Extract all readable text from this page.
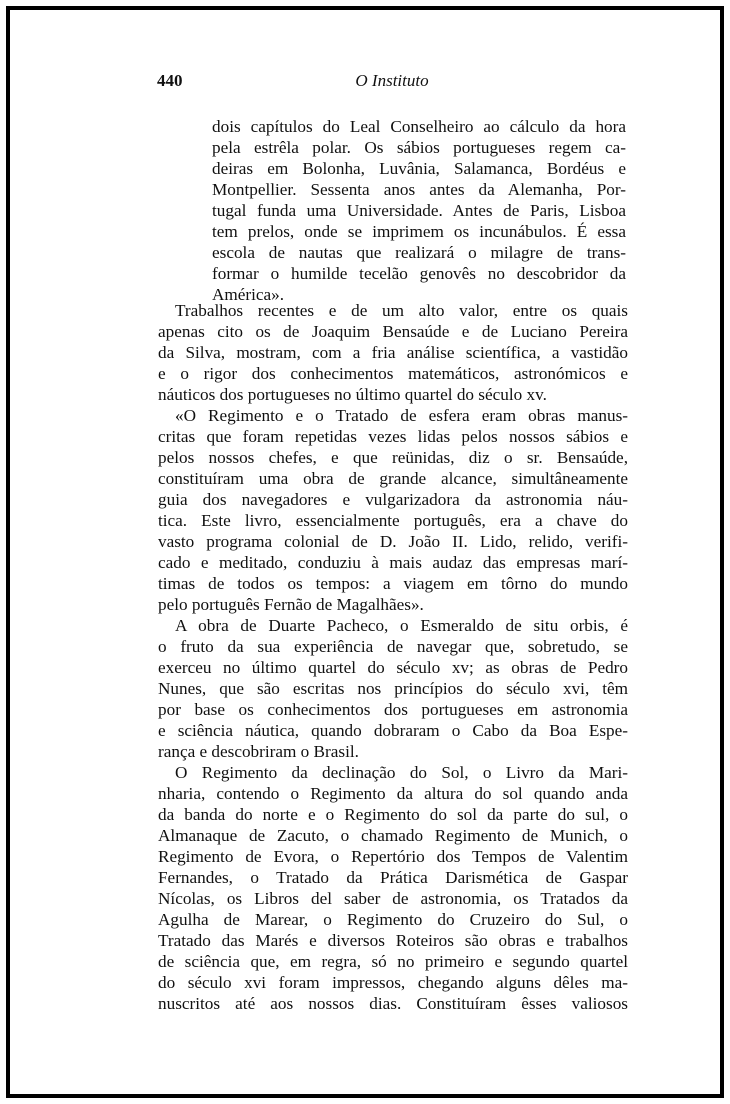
440	O Instituto
dois capítulos do Leal Conselheiro ao cálculo da hora
pela estrêla polar. Os sábios portugueses regem ca-
deiras em Bolonha, Luvânia, Salamanca, Bordéus e
Montpellier. Sessenta anos antes da Alemanha, Por-
tugal funda uma Universidade. Antes de Paris, Lisboa
tem prelos, onde se imprimem os incunábulos. É essa
escola de nautas que realizará o milagre de trans-
formar o humilde tecelão genovês no descobridor da
América».
Trabalhos recentes e de um alto valor, entre os quais
apenas cito os de Joaquim Bensaúde e de Luciano Pereira
da Silva, mostram, com a fria análise scientífica, a vastidão
e o rigor dos conhecimentos matemáticos, astronómicos e
náuticos dos portugueses no último quartel do século xv.
«O Regimento e o Tratado de esfera eram obras manus-
critas que foram repetidas vezes lidas pelos nossos sábios e
pelos nossos chefes, e que reünidas, diz o sr. Bensaúde,
constituíram uma obra de grande alcance, simultâneamente
guia dos navegadores e vulgarizadora da astronomia náu-
tica. Este livro, essencialmente português, era a chave do
vasto programa colonial de D. João II. Lido, relido, verifi-
cado e meditado, conduziu à mais audaz das empresas marí-
timas de todos os tempos: a viagem em tôrno do mundo
pelo português Fernão de Magalhães».
A obra de Duarte Pacheco, o Esmeraldo de situ orbis, é
o fruto da sua experiência de navegar que, sobretudo, se
exerceu no último quartel do século xv; as obras de Pedro
Nunes, que são escritas nos princípios do século xvi, têm
por base os conhecimentos dos portugueses em astronomia
e sciência náutica, quando dobraram o Cabo da Boa Espe-
rança e descobriram o Brasil.
O Regimento da declinação do Sol, o Livro da Mari-
nharia, contendo o Regimento da altura do sol quando anda
da banda do norte e o Regimento do sol da parte do sul, o
Almanaque de Zacuto, o chamado Regimento de Munich, o
Regimento de Evora, o Repertório dos Tempos de Valentim
Fernandes, o Tratado da Prática Darismética de Gaspar
Nícolas, os Libros del saber de astronomia, os Tratados da
Agulha de Marear, o Regimento do Cruzeiro do Sul, o
Tratado das Marés e diversos Roteiros são obras e trabalhos
de sciência que, em regra, só no primeiro e segundo quartel
do século xvi foram impressos, chegando alguns dêles ma-
nuscritos até aos nossos dias. Constituíram êsses valiosos
